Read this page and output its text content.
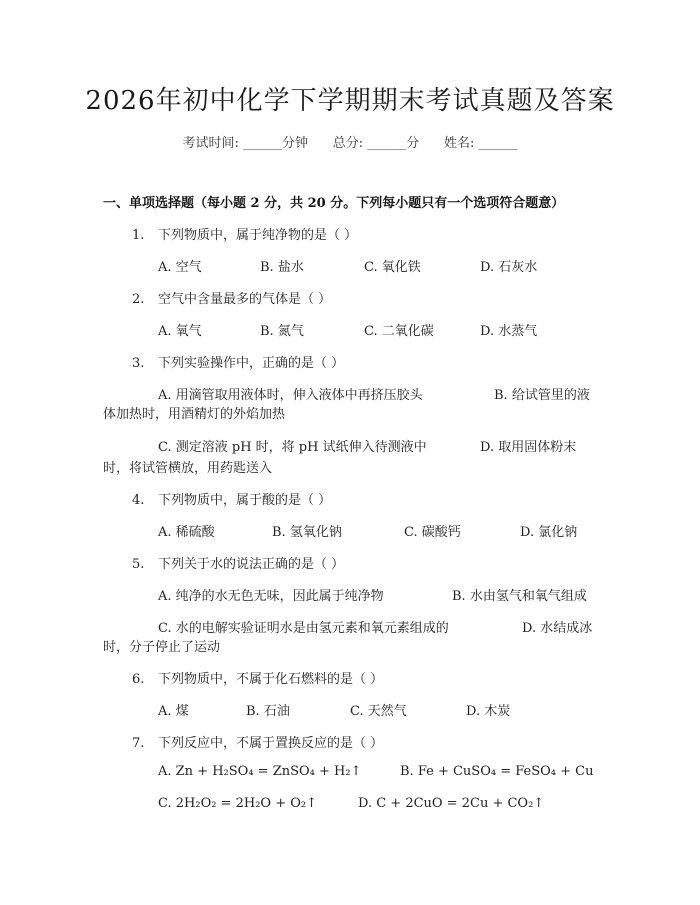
2026年初中化学下学期期末考试真题及答案
考试时间: ______分钟      总分: ______分      姓名: ______
一、单项选择题（每小题 2 分，共 20 分。下列每小题只有一个选项符合题意）
1. 下列物质中，属于纯净物的是（ ）
A. 空气	B. 盐水	C. 氧化铁	D. 石灰水
2. 空气中含量最多的气体是（ ）
A. 氧气	B. 氮气	C. 二氧化碳	D. 水蒸气
3. 下列实验操作中，正确的是（ ）
A. 用滴管取用液体时，伸入液体中再挤压胶头	B. 给试管里的液
体加热时，用酒精灯的外焰加热
C. 测定溶液 pH 时，将 pH 试纸伸入待测液中	D. 取用固体粉末
时，将试管横放，用药匙送入
4. 下列物质中，属于酸的是（ ）
A. 稀硫酸	B. 氢氧化钠	C. 碳酸钙	D. 氯化钠
5. 下列关于水的说法正确的是（ ）
A. 纯净的水无色无味，因此属于纯净物	B. 水由氢气和氧气组成
C. 水的电解实验证明水是由氢元素和氧元素组成的	D. 水结成冰
时，分子停止了运动
6. 下列物质中，不属于化石燃料的是（ ）
A. 煤	B. 石油	C. 天然气	D. 木炭
7. 下列反应中，不属于置换反应的是（ ）
A. Zn + H₂SO₄ = ZnSO₄ + H₂↑	B. Fe + CuSO₄ = FeSO₄ + Cu
C. 2H₂O₂ = 2H₂O + O₂↑	D. C + 2CuO = 2Cu + CO₂↑
